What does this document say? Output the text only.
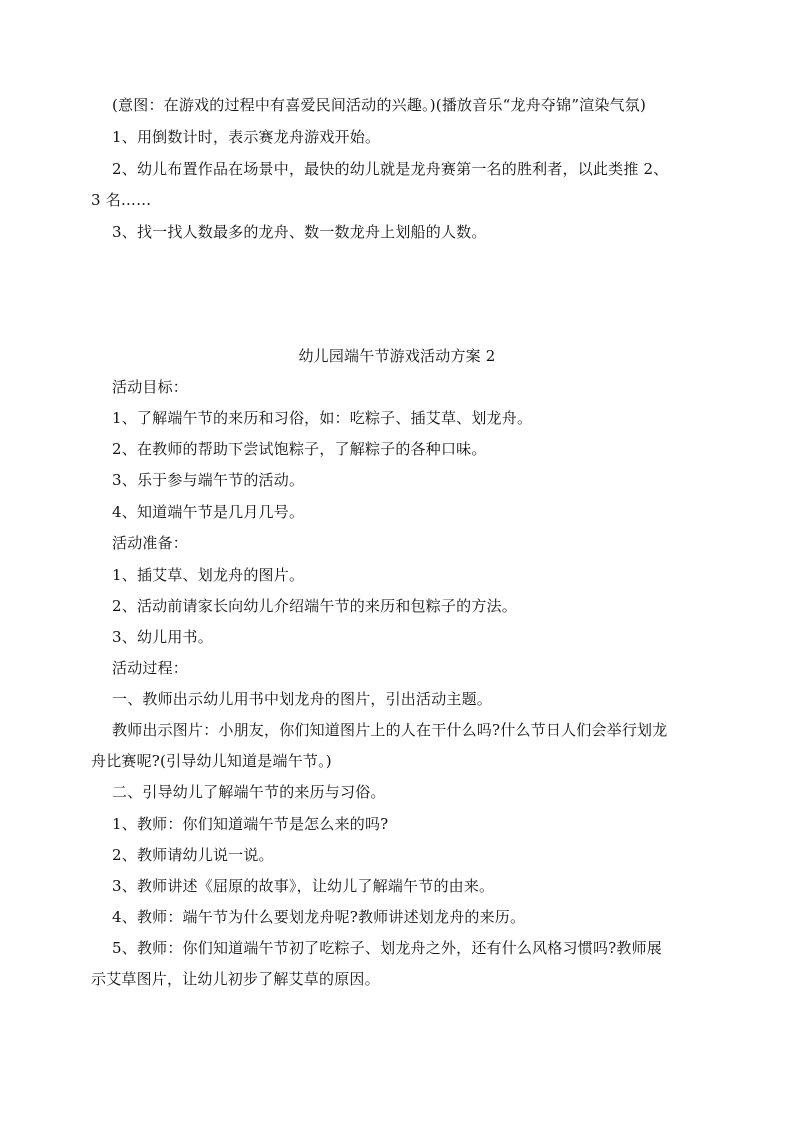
(意图：在游戏的过程中有喜爱民间活动的兴趣。)(播放音乐“龙舟夺锦”渲染气氛)
1、用倒数计时，表示赛龙舟游戏开始。
2、幼儿布置作品在场景中，最快的幼儿就是龙舟赛第一名的胜利者，以此类推 2、
3 名……
3、找一找人数最多的龙舟、数一数龙舟上划船的人数。
幼儿园端午节游戏活动方案 2
活动目标：
1、了解端午节的来历和习俗，如：吃粽子、插艾草、划龙舟。
2、在教师的帮助下尝试饱粽子，了解粽子的各种口味。
3、乐于参与端午节的活动。
4、知道端午节是几月几号。
活动准备：
1、插艾草、划龙舟的图片。
2、活动前请家长向幼儿介绍端午节的来历和包粽子的方法。
3、幼儿用书。
活动过程：
一、教师出示幼儿用书中划龙舟的图片，引出活动主题。
教师出示图片：小朋友，你们知道图片上的人在干什么吗?什么节日人们会举行划龙
舟比赛呢?(引导幼儿知道是端午节。)
二、引导幼儿了解端午节的来历与习俗。
1、教师：你们知道端午节是怎么来的吗?
2、教师请幼儿说一说。
3、教师讲述《屈原的故事》，让幼儿了解端午节的由来。
4、教师：端午节为什么要划龙舟呢?教师讲述划龙舟的来历。
5、教师：你们知道端午节初了吃粽子、划龙舟之外，还有什么风格习惯吗?教师展
示艾草图片，让幼儿初步了解艾草的原因。
